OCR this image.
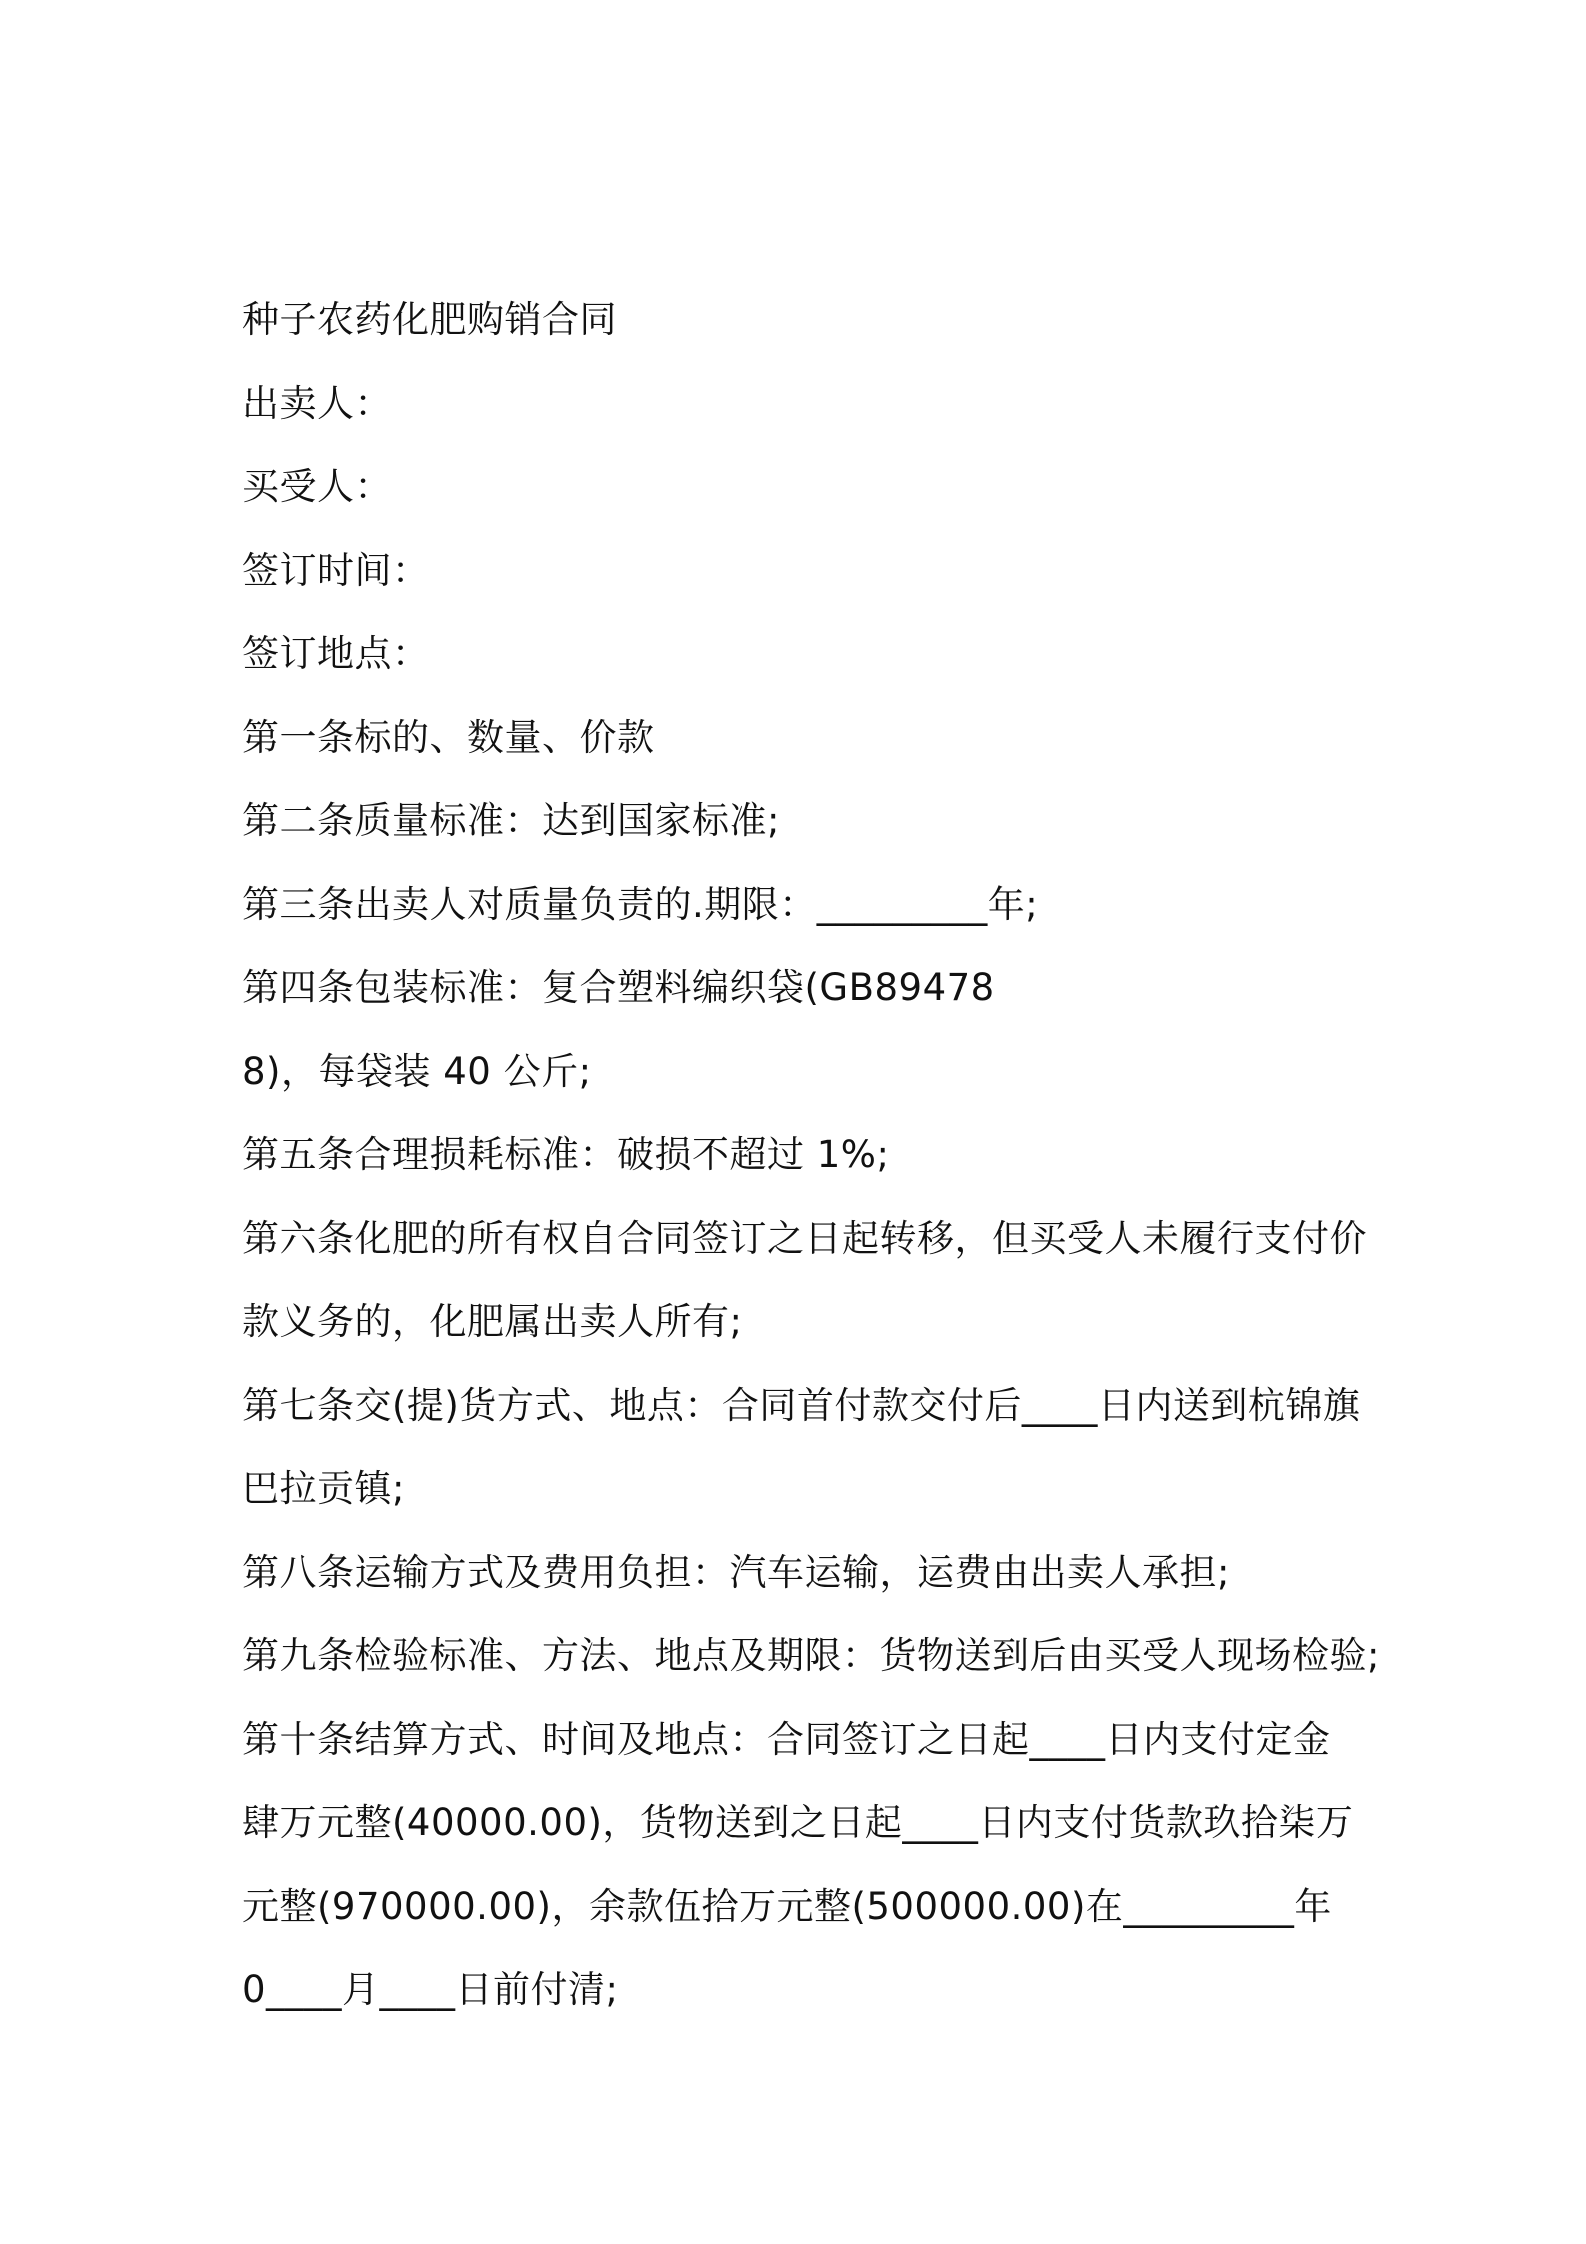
种子农药化肥购销合同
出卖人：
买受人：
签订时间：
签订地点：
第一条标的、数量、价款
第二条质量标准：达到国家标准;
第三条出卖人对质量负责的.期限：_________年;
第四条包装标准：复合塑料编织袋(GB89478
8)，每袋装 40 公斤;
第五条合理损耗标准：破损不超过 1%;
第六条化肥的所有权自合同签订之日起转移，但买受人未履行支付价
款义务的，化肥属出卖人所有;
第七条交(提)货方式、地点：合同首付款交付后____日内送到杭锦旗
巴拉贡镇;
第八条运输方式及费用负担：汽车运输，运费由出卖人承担;
第九条检验标准、方法、地点及期限：货物送到后由买受人现场检验;
第十条结算方式、时间及地点：合同签订之日起____日内支付定金
肆万元整(40000.00)，货物送到之日起____日内支付货款玖拾柒万
元整(970000.00)，余款伍拾万元整(500000.00)在_________年
0____月____日前付清;
